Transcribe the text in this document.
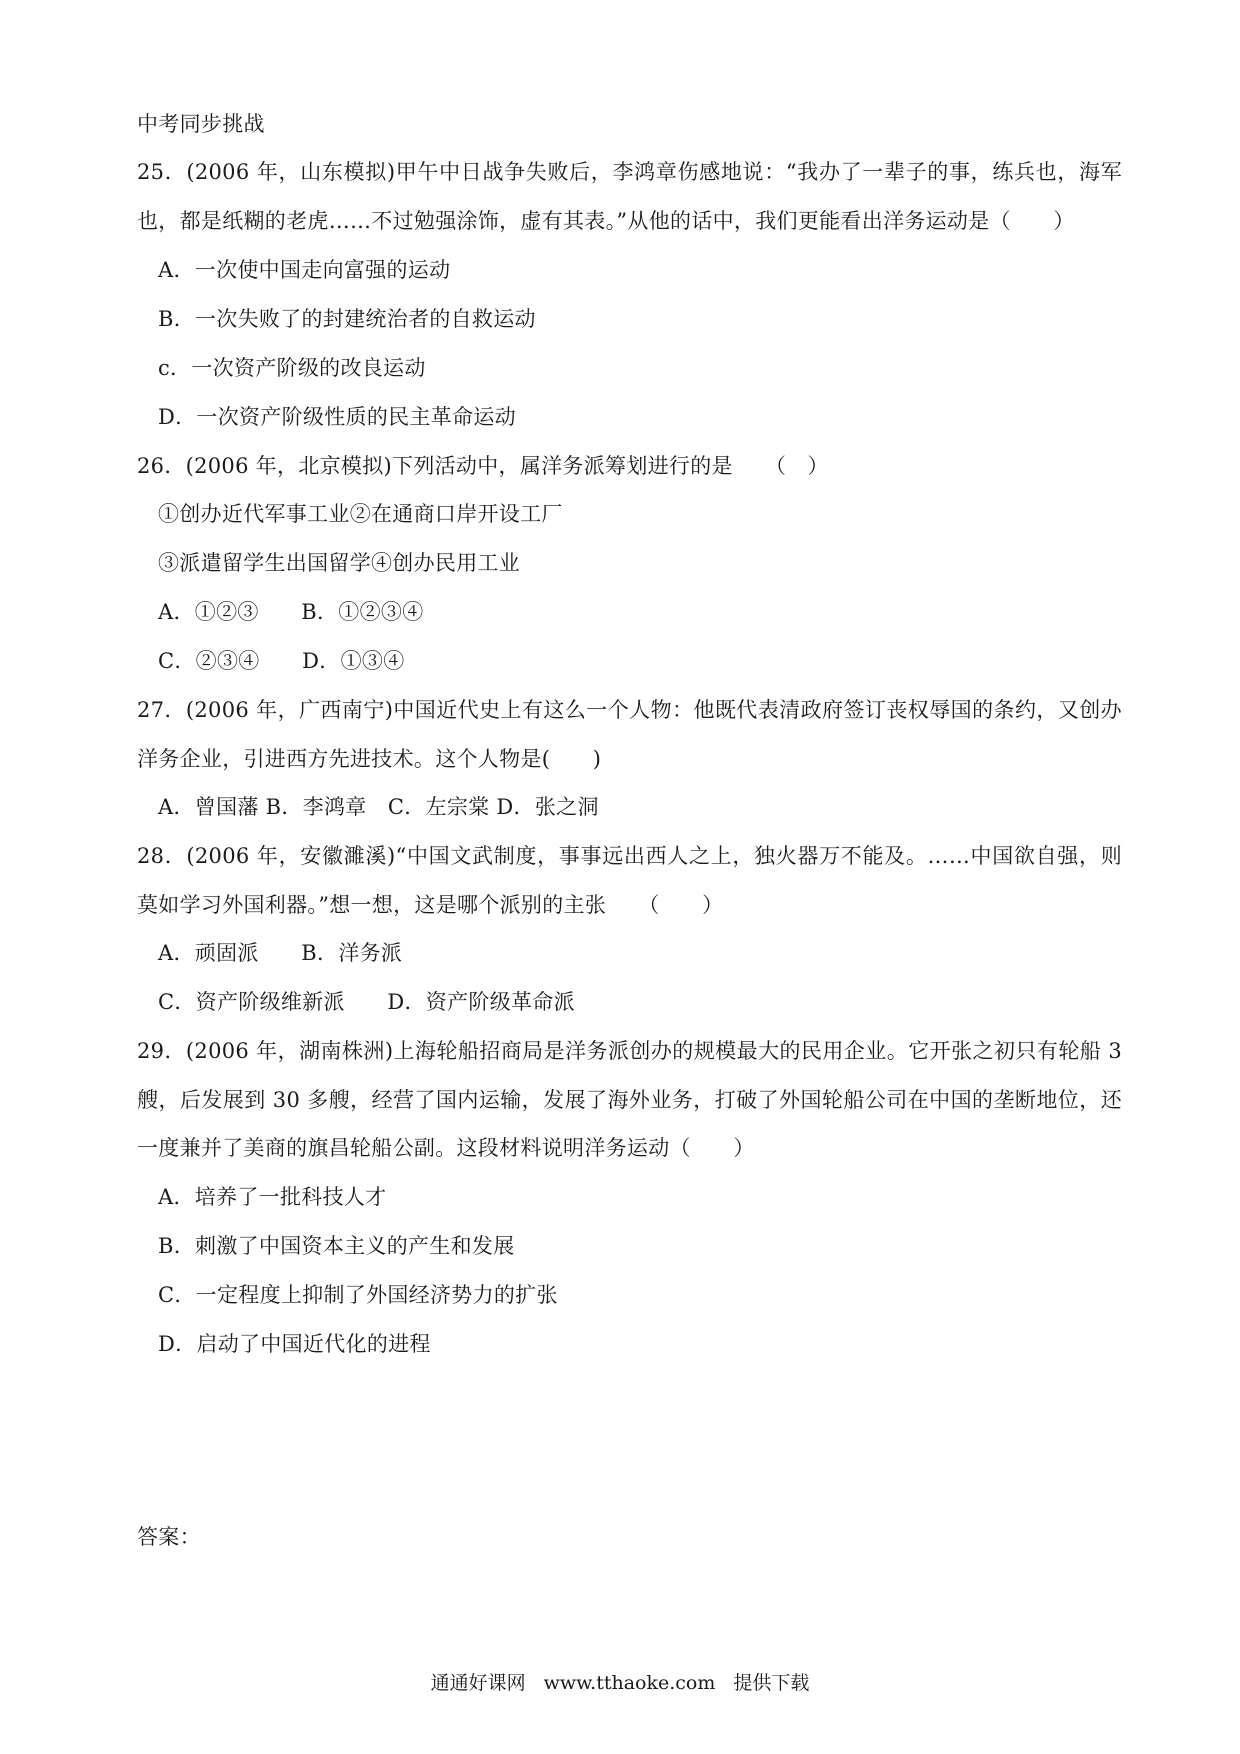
中考同步挑战
25．(2006 年，山东模拟)甲午中日战争失败后，李鸿章伤感地说：“我办了一辈子的事，练兵也，海军
也，都是纸糊的老虎……不过勉强涂饰，虚有其表。”从他的话中，我们更能看出洋务运动是（　　）
A．一次使中国走向富强的运动
B．一次失败了的封建统治者的自救运动
c．一次资产阶级的改良运动
D．一次资产阶级性质的民主革命运动
26．(2006 年，北京模拟)下列活动中，属洋务派筹划进行的是　　（　）
①创办近代军事工业②在通商口岸开设工厂
③派遣留学生出国留学④创办民用工业
A．①②③　　B．①②③④
C．②③④　　D．①③④
27．(2006 年，广西南宁)中国近代史上有这么一个人物：他既代表清政府签订丧权辱国的条约，又创办
洋务企业，引进西方先进技术。这个人物是(　　)
A．曾国藩 B．李鸿章　C．左宗棠 D．张之洞
28．(2006 年，安徽濉溪)“中国文武制度，事事远出西人之上，独火器万不能及。……中国欲自强，则
莫如学习外国利器。”想一想，这是哪个派别的主张　　（　　）
A．顽固派　　B．洋务派
C．资产阶级维新派　　D．资产阶级革命派
29．(2006 年，湖南株洲)上海轮船招商局是洋务派创办的规模最大的民用企业。它开张之初只有轮船 3
艘，后发展到 30 多艘，经营了国内运输，发展了海外业务，打破了外国轮船公司在中国的垄断地位，还
一度兼并了美商的旗昌轮船公副。这段材料说明洋务运动（　　）
A．培养了一批科技人才
B．刺激了中国资本主义的产生和发展
C．一定程度上抑制了外国经济势力的扩张
D．启动了中国近代化的进程
答案：
通通好课网 www.tthaoke.com 提供下载
